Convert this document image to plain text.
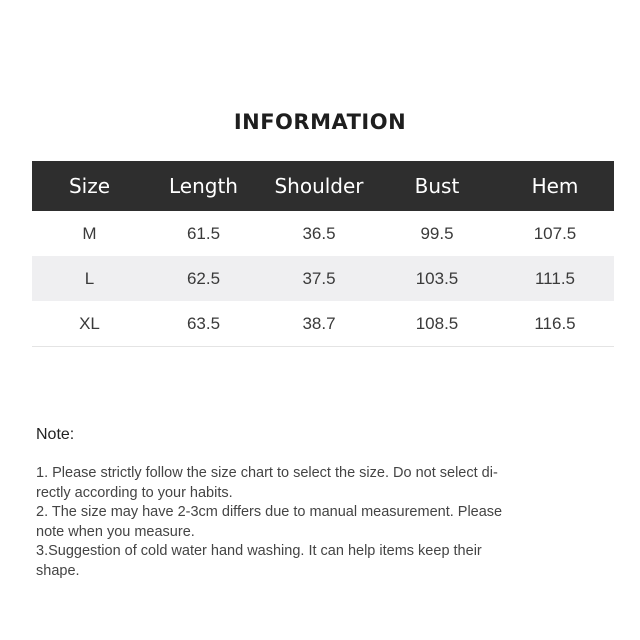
INFORMATION
Size	Length	Shoulder	Bust	Hem
M	61.5	36.5	99.5	107.5
L	62.5	37.5	103.5	111.5
XL	63.5	38.7	108.5	116.5
Note:
1. Please strictly follow the size chart to select the size. Do not select di-
rectly according to your habits.
2. The size may have 2-3cm differs due to manual measurement. Please
note when you measure.
3.Suggestion of cold water hand washing. It can help items keep their
shape.
